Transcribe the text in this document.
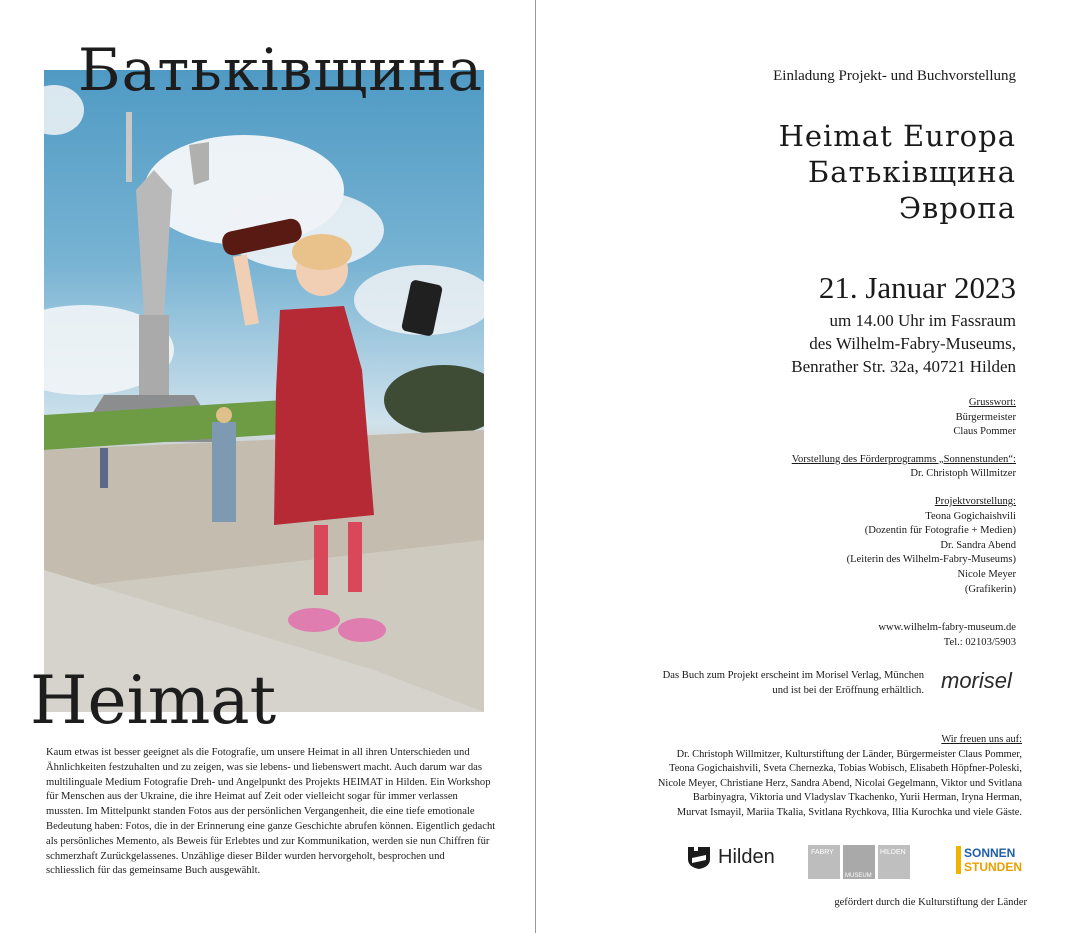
Батьківщина
Heimat
Kaum etwas ist besser geeignet als die Fotografie, um unsere Heimat in all ihren Unterschieden und Ähnlichkeiten festzuhalten und zu zeigen, was sie lebens- und liebenswert macht. Auch darum war das multilinguale Medium Fotografie Dreh- und Angelpunkt des Projekts HEIMAT in Hilden. Ein Workshop für Menschen aus der Ukraine, die ihre Heimat auf Zeit oder vielleicht sogar für immer verlassen mussten. Im Mittelpunkt standen Fotos aus der persönlichen Vergangenheit, die eine tiefe emotionale Bedeutung haben: Fotos, die in der Erinnerung eine ganze Geschichte abrufen können. Eigentlich gedacht als persönliches Memento, als Beweis für Erlebtes und zur Kommunikation, werden sie nun Chiffren für schmerzhaft Zurückgelassenes. Unzählige dieser Bilder wurden hervorgeholt, besprochen und schliesslich für das gemeinsame Buch ausgewählt.
Einladung Projekt- und Buchvorstellung
Heimat Europa
Батьківщина
Эвропа
21. Januar 2023
um 14.00 Uhr im Fassraum
des Wilhelm-Fabry-Museums,
Benrather Str. 32a, 40721 Hilden
Grusswort:
Bürgermeister
Claus Pommer
Vorstellung des Förderprogramms „Sonnenstunden“:
Dr. Christoph Willmitzer
Projektvorstellung:
Teona Gogichaishvili
(Dozentin für Fotografie + Medien)
Dr. Sandra Abend
(Leiterin des Wilhelm-Fabry-Museums)
Nicole Meyer
(Grafikerin)
www.wilhelm-fabry-museum.de
Tel.: 02103/5903
Das Buch zum Projekt erscheint im Morisel Verlag, München
und ist bei der Eröffnung erhältlich. morisel
Wir freuen uns auf:
Dr. Christoph Willmitzer, Kulturstiftung der Länder, Bürgermeister Claus Pommer,
Teona Gogichaishvili, Sveta Chernezka, Tobias Wobisch, Elisabeth Höpfner-Poleski,
Nicole Meyer, Christiane Herz, Sandra Abend, Nicolai Gegelmann, Viktor und Svitlana
Barbinyagra, Viktoria und Vladyslav Tkachenko, Yurii Herman, Iryna Herman,
Murvat Ismayil, Mariia Tkalia, Svitlana Rychkova, Illia Kurochka und viele Gäste.
Hilden	FABRY	HILDEN
MUSEUM
SONNEN
STUNDEN
gefördert durch die Kulturstiftung der Länder
